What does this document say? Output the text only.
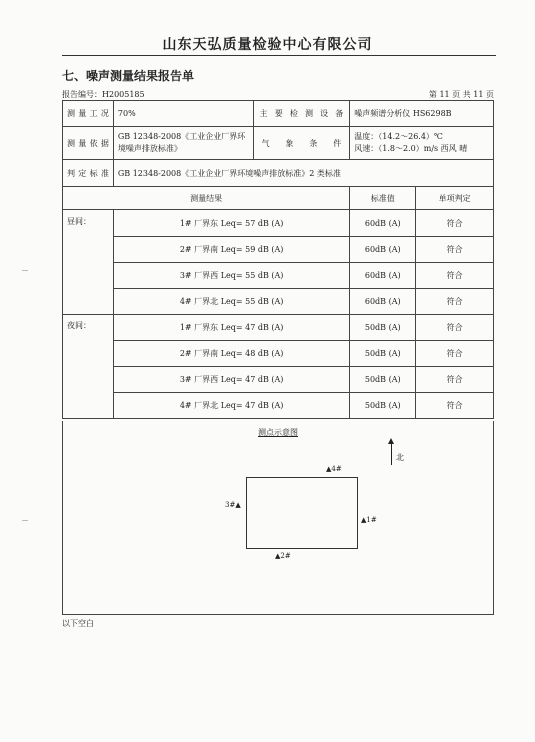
山东天弘质量检验中心有限公司
七、噪声测量结果报告单
报告编号：H2005185	第 11 页 共 11 页
测量工况	70%	主要检测设备	噪声频谱分析仪 HS6298B	
测量依据	GB 12348-2008《工业企业厂界环境噪声排放标准》	气象条件	温度：（14.2～26.4）℃
风速：（1.8～2.0）m/s 西风 晴	

判定标准	GB 12348-2008《工业企业厂界环境噪声排放标准》2 类标准			
测量结果			标准值	单项判定
昼间：	1# 厂界东 Leq= 57 dB (A)		60dB (A)	符合
	2# 厂界南 Leq= 59 dB (A)		60dB (A)	符合
	3# 厂界西 Leq= 55 dB (A)		60dB (A)	符合
	4# 厂界北 Leq= 55 dB (A)		60dB (A)	符合
夜间：	1# 厂界东 Leq= 47 dB (A)		50dB (A)	符合
	2# 厂界南 Leq= 48 dB (A)		50dB (A)	符合
	3# 厂界西 Leq= 47 dB (A)		50dB (A)	符合
	4# 厂界北 Leq= 47 dB (A)		50dB (A)	符合
测点示意图
北
▲4#
▲1#
3#▲
▲2#
以下空白
